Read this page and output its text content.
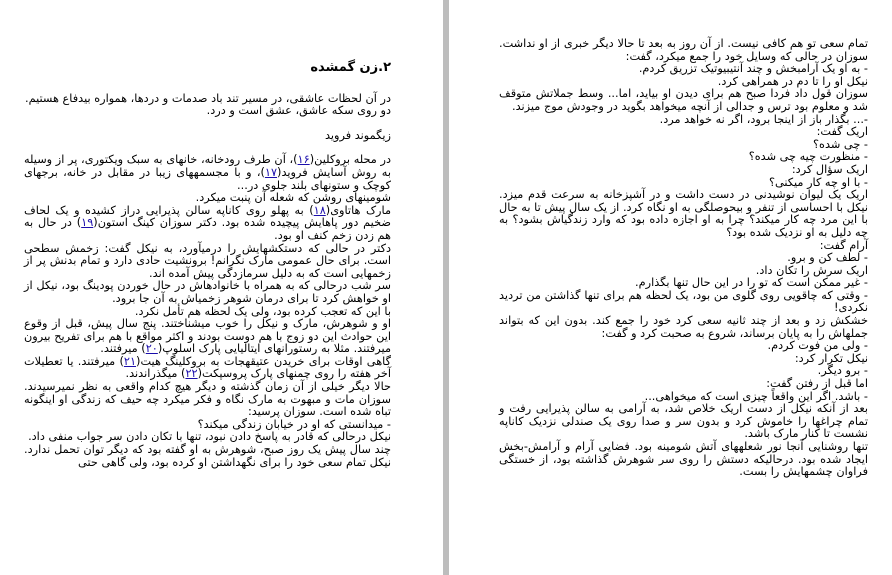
۲.زن گمشده

در آن لحظات عاشقی، در مسیر تند باد صدمات و دردها، همواره بیدفاع هستیم.

دو روی سکه عاشق، عشق است و درد.

زیگموند فروید

در محله بروکلین(۱۶)، آن طرف رودخانه، خانهای به سبک ویکتوری، پر از وسیله به روش آسایش فروید(۱۷)، و با مجسمههای زیبا در مقابل در خانه، برجهای کوچک و ستونهای بلند جلوی در...

شومینهای روشن که شعله آن پنبت میکرد.

مارک هاتاوی(۱۸) به پهلو روی کاناپه سالن پذیرایی دراز کشیده و یک لحاف ضخیم دور پاهایش پیچیده شده بود. دکتر سوزان کینگ استون(۱۹) در حال به هم زدن زخم کنف او بود.

دکتر در حالی که دستکشهایش را درمیآورد، به نیکل گفت: زخمش سطحی است. برای حال عمومی مارک نگرانم! برونشیت حادی دارد و تمام بدنش پر از زخمهایی است که به دلیل سرمازدگی پیش آمده اند.

سر شب درحالی که به همراه با خانوادهاش در حال خوردن پودینگ بود، نیکل از او خواهش کرد تا برای درمان شوهر زخمیاش به آن جا برود.

با این که تعجب کرده بود، ولی یک لحظه هم تأمل نکرد.

او و شوهرش، مارک و نیکل را خوب میشناختند. پنج سال پیش، قبل از وقوع این حوادث این دو زوج با هم دوست بودند و اکثر مواقع با هم برای تفریح بیرون میرفتند. مثلا به رستورانهای ایتالیایی پارک اسلوپ(۲۰) میرفتند.

گاهی اوقات برای خریدن عتیقهجات به بروکلینگ هیت(۲۱) میرفتند. یا تعطیلات آخر هفته را روی چمنهای پارک پروسپکت(۲۲) میگذراندند.

حالا دیگر خیلی از آن زمان گذشته و دیگر هیچ کدام واقعی به نظر نمیرسیدند. سوزان مات و مبهوت به مارک نگاه و فکر میکرد چه حیف که زندگی او اینگونه تباه شده است. سوزان پرسید:

- میدانستی که او در خیابان زندگی میکند؟

نیکل درحالی که قادر به پاسخ دادن نبود، تنها با تکان دادن سر جواب منفی داد.

چند سال پیش یک روز صبح، شوهرش به او گفته بود که دیگر توان تحمل ندارد. نیکل تمام سعی خود را برای نگهداشتن او کرده بود، ولی گاهی حتی

تمام سعی تو هم کافی نیست. از آن روز به بعد تا حالا دیگر خبری از او نداشت. سوزان در حالی که وسایل خود را جمع میکرد، گفت:

- به او یک آرامبخش و چند آنتیبیوتیک تزریق کردم.

نیکل او را تا دم در همراهی کرد.

سوزان قول داد فردا صبح هم برای دیدن او بیاید، اما... وسط جملاتش متوقف شد و معلوم بود ترس و جدالی از آنچه میخواهد بگوید در وجودش موج میزند.

-... بگذار باز از اینجا برود، اگر نه خواهد مرد.

اریک گفت:

- چی شده؟

- منظورت چیه چی شده؟

اریک سؤال کرد:

- با او چه کار میکنی؟

اریک یک لیوان نوشیدنی در دست داشت و در آشپزخانه به سرعت قدم میزد. نیکل با احساسی از تنفر و بیحوصلگی به او نگاه کرد. از یک سال پیش تا به حال با این مرد چه کار میکند؟ چرا به او اجازه داده بود که وارد زندگیاش بشود؟ به چه دلیل به او نزدیک شده بود؟

آرام گفت:

- لطف کن و برو.

اریک سرش را تکان داد.

- غیر ممکن است که تو را در این حال تنها بگذارم.

- وقتی که چاقویی روی گلوی من بود، یک لحظه هم برای تنها گذاشتن من تردید نکردی!

خشکش زد و بعد از چند ثانیه سعی کرد خود را جمع کند. بدون این که بتواند جملهاش را به پایان برساند، شروع به صحبت کرد و گفت:

- ولی من فوت کردم.

نیکل تکرار کرد:

- برو دیگر.

اما قبل از رفتن گفت:

- باشد. اگر این واقعاً چیزی است که میخواهی...

بعد از آنکه نیکل از دست اریک خلاص شد، به آرامی به سالن پذیرایی رفت و تمام چراغها را خاموش کرد و بدون سر و صدا روی یک صندلی نزدیک کاناپه نشست تا کنار مارک باشد.

تنها روشنایی آنجا نور شعلههای آتش شومینه بود. فضایی آرام و آرامش-بخش ایجاد شده بود. درحالیکه دستش را روی سر شوهرش گذاشته بود، از خستگی فراوان چشمهایش را بست.
